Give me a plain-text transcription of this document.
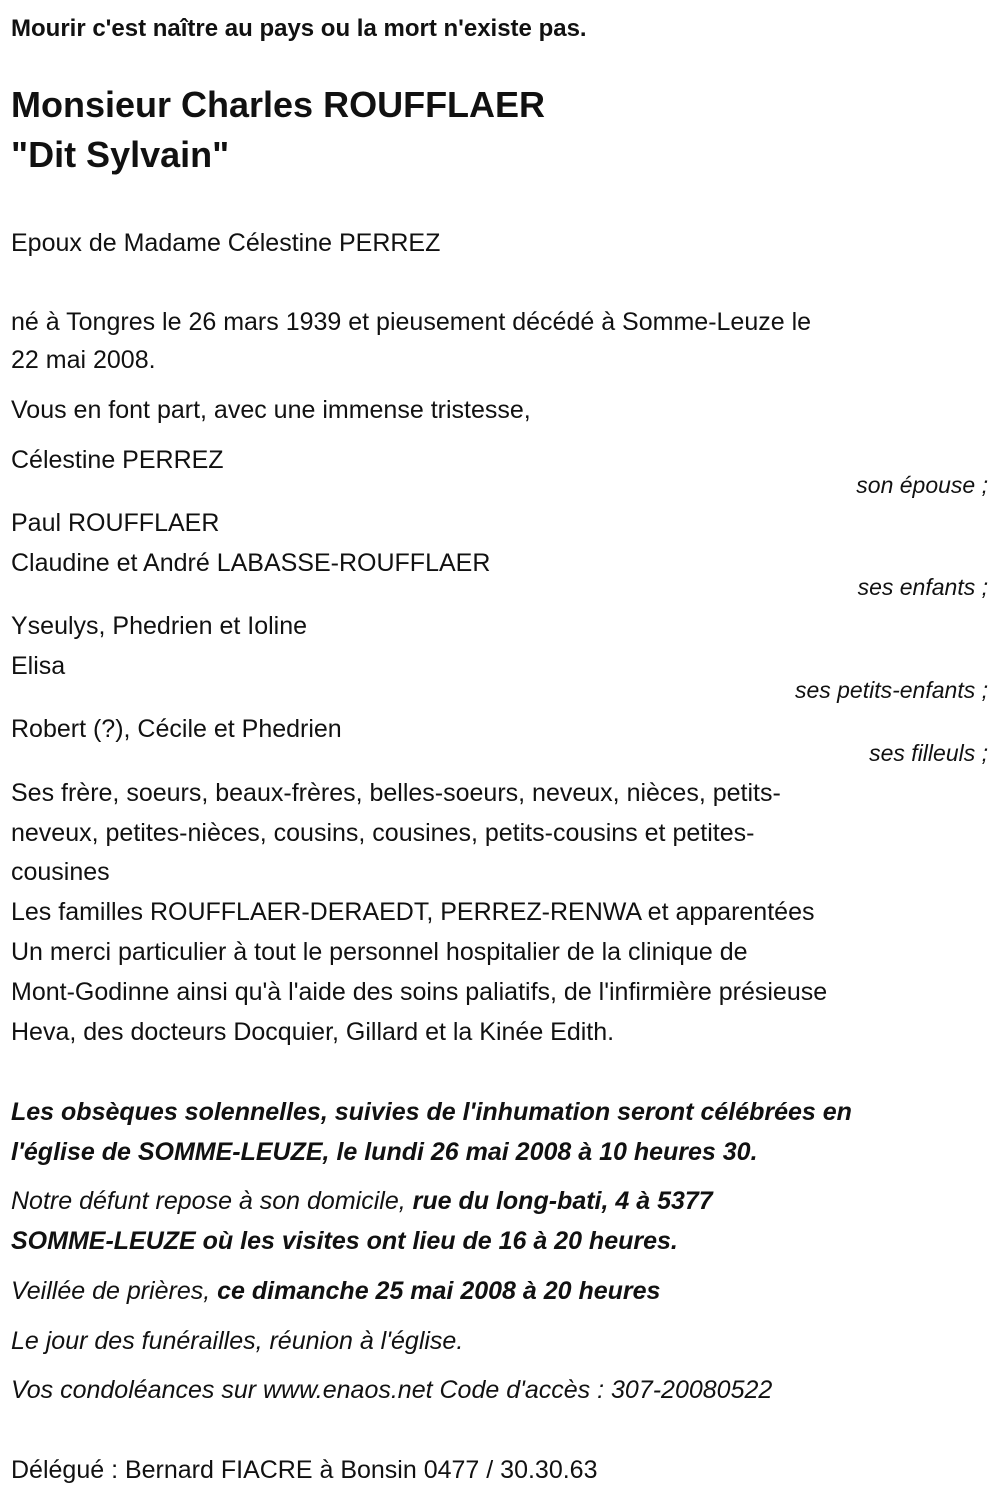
Mourir c'est naître au pays ou la mort n'existe pas.
Monsieur Charles ROUFFLAER
"Dit Sylvain"
Epoux de Madame Célestine PERREZ
né à Tongres le 26 mars 1939 et pieusement décédé à Somme-Leuze le
22 mai 2008.
Vous en font part, avec une immense tristesse,
Célestine PERREZ
son épouse ;
Paul ROUFFLAER
Claudine et André LABASSE-ROUFFLAER
ses enfants ;
Yseulys, Phedrien et Ioline
Elisa
ses petits-enfants ;
Robert (?), Cécile et Phedrien
ses filleuls ;
Ses frère, soeurs, beaux-frères, belles-soeurs, neveux, nièces, petits-
neveux, petites-nièces, cousins, cousines, petits-cousins et petites-
cousines
Les familles ROUFFLAER-DERAEDT, PERREZ-RENWA et apparentées
Un merci particulier à tout le personnel hospitalier de la clinique de
Mont-Godinne ainsi qu'à l'aide des soins paliatifs, de l'infirmière présieuse
Heva, des docteurs Docquier, Gillard et la Kinée Edith.
Les obsèques solennelles, suivies de l'inhumation seront célébrées en
l'église de SOMME-LEUZE, le lundi 26 mai 2008 à 10 heures 30.
Notre défunt repose à son domicile, rue du long-bati, 4 à 5377
SOMME-LEUZE où les visites ont lieu de 16 à 20 heures.
Veillée de prières, ce dimanche 25 mai 2008 à 20 heures
Le jour des funérailles, réunion à l'église.
Vos condoléances sur www.enaos.net Code d'accès : 307-20080522
Délégué : Bernard FIACRE à Bonsin 0477 / 30.30.63
